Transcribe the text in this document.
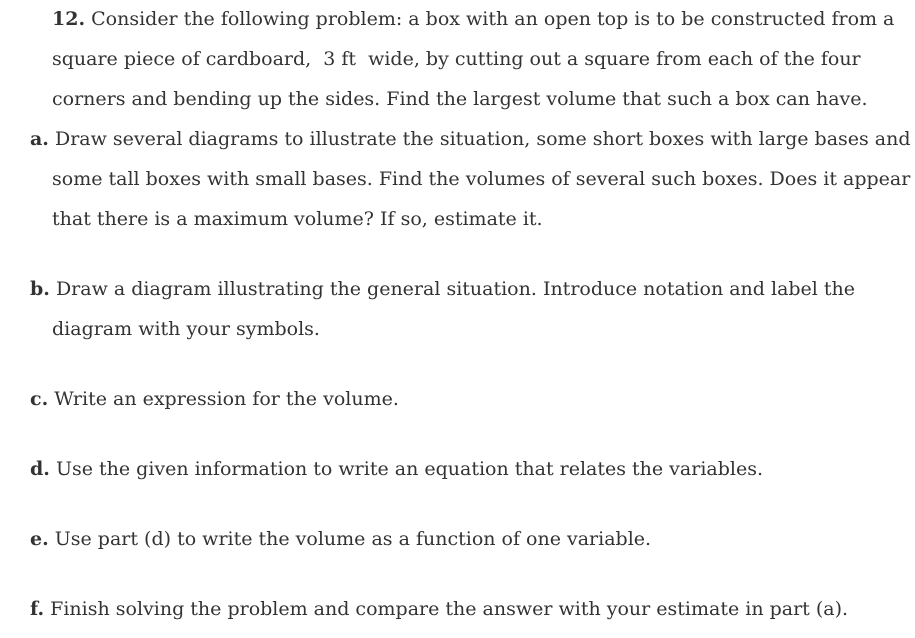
12. Consider the following problem: a box with an open top is to be constructed from a
square piece of cardboard, 3 ft wide, by cutting out a square from each of the four
corners and bending up the sides. Find the largest volume that such a box can have.
a. Draw several diagrams to illustrate the situation, some short boxes with large bases and
some tall boxes with small bases. Find the volumes of several such boxes. Does it appear
that there is a maximum volume? If so, estimate it.
b. Draw a diagram illustrating the general situation. Introduce notation and label the
diagram with your symbols.
c. Write an expression for the volume.
d. Use the given information to write an equation that relates the variables.
e. Use part (d) to write the volume as a function of one variable.
f. Finish solving the problem and compare the answer with your estimate in part (a).
